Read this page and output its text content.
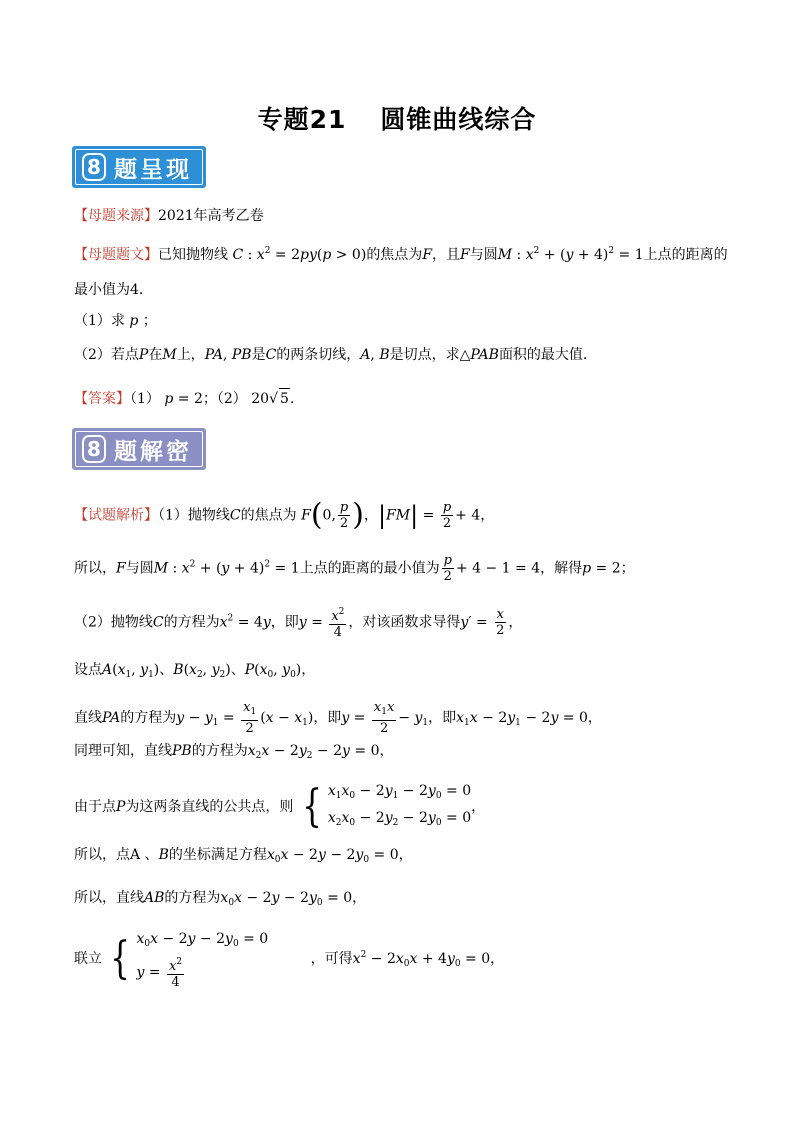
专题21 圆锥曲线综合
8 题呈现
【母题来源】2021年高考乙卷
【母题题文】已知抛物线 C : $x^2 = 2py(p > 0)$的焦点为F，且F与圆M : $x^2 + (y + 4)^2 = 1$上点的距离的
最小值为4．
（1）求 p ；
（2）若点P在M上，PA, PB是C的两条切线，A, B是切点，求△PAB面积的最大值．
【答案】（1） p = 2；（2） 20√ 5.
8 题解密
【试题解析】（1）抛物线C的焦点为 F(0, $\frac{p}{2}$ )，$|FM| = \frac{p}{2} + 4$，
所以，F与圆M : $x^2 + (y + 4)^2 = 1$上点的距离的最小值为 $\frac{p}{2} + 4 - 1 = 4$，解得p = 2；
（2）抛物线C的方程为$x^2 = 4y$，即$y = \frac{x^2}{4}$ ，对该函数求导得$y' = \frac{x}{2}$ ，
设点$A(x_1$, $y_1$)、$B(x_2$, $y_2$)、$P(x_0$, $y_0$)，
直线PA的方程为$y - y_1 = \frac{x_1}{2} (x - x_1)$，即$y = \frac{x_1x}{2} - y_1$，即$x_1x - 2y_1 - 2y = 0$，
同理可知，直线PB的方程为$x_2x - 2y_2 - 2y = 0$，
由于点P为这两条直线的公共点，则 { $x_1x_0 - 2y_1 - 2y_0 = 0$
$x_2x_0 - 2y_2 - 2y_0 = 0$
，
所以，点A 、B的坐标满足方程$x_0x - 2y - 2y_0 = 0$，
所以，直线AB的方程为$x_0x - 2y - 2y_0 = 0$，
联立 { $x_0x - 2y - 2y_0 = 0$
$y = \frac{x^2}{4}$	，可得$x^2 - 2x_0x + 4y_0 = 0$，
